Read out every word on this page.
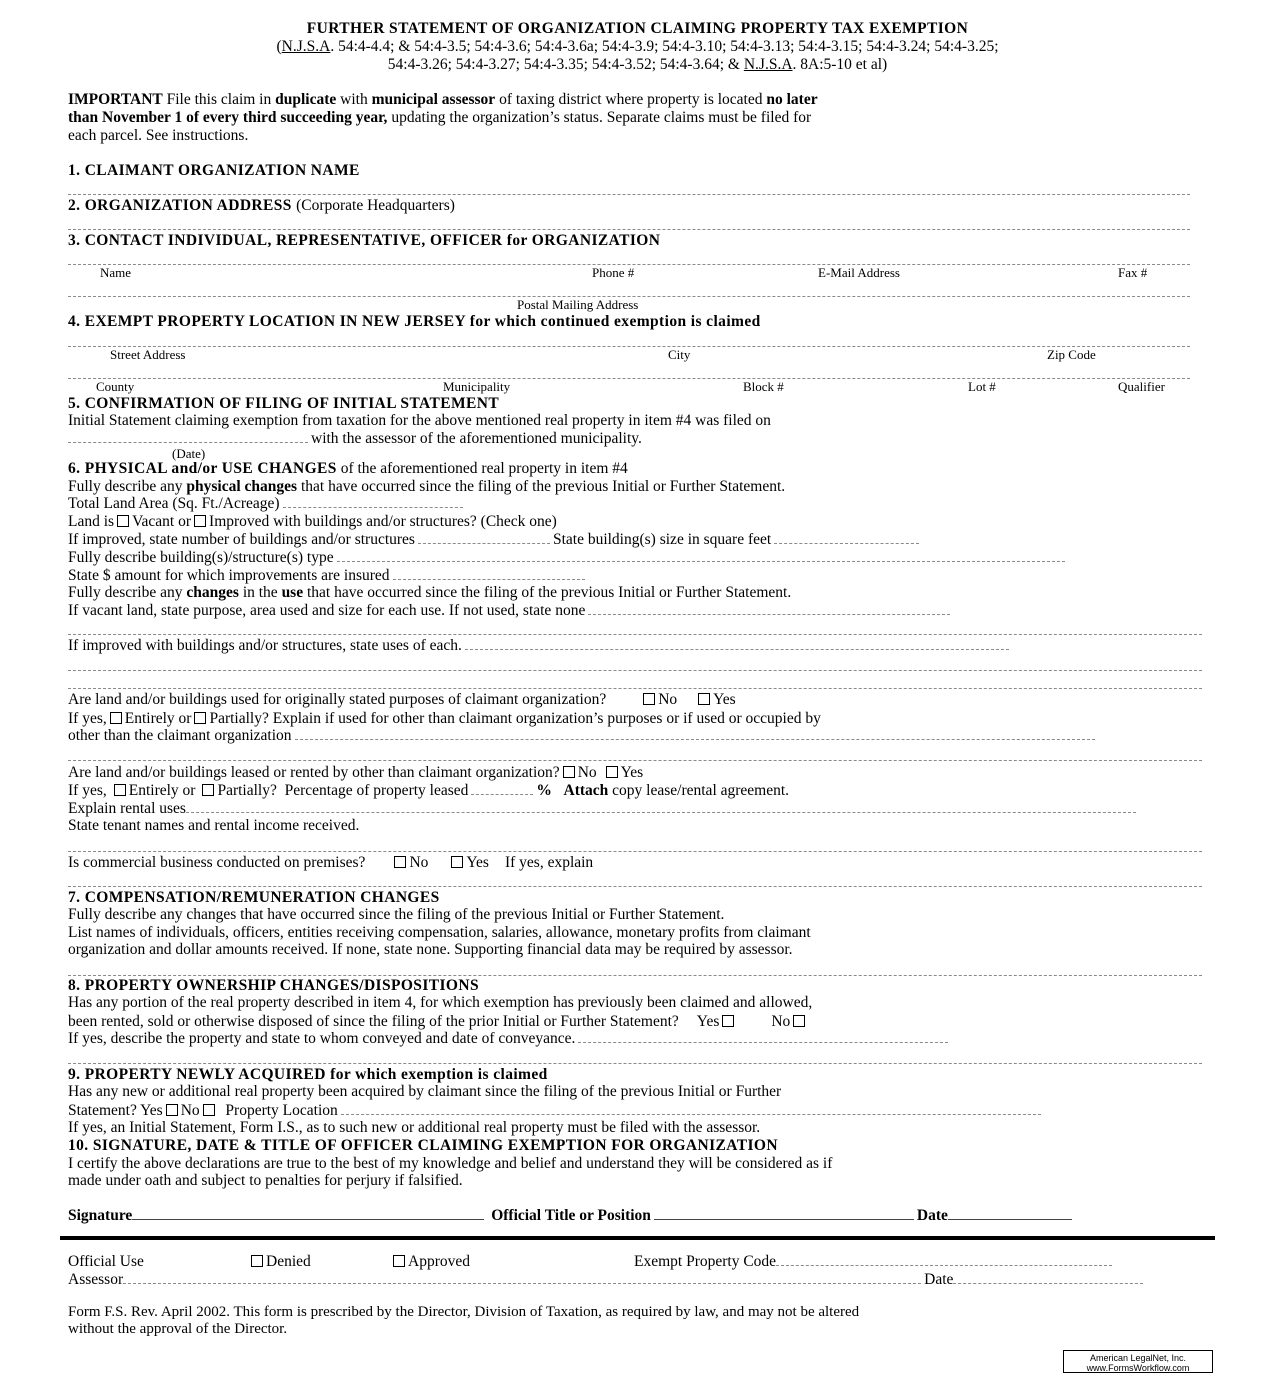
FURTHER STATEMENT OF ORGANIZATION CLAIMING PROPERTY TAX EXEMPTION
(N.J.S.A. 54:4-4.4; & 54:4-3.5; 54:4-3.6; 54:4-3.6a; 54:4-3.9; 54:4-3.10; 54:4-3.13; 54:4-3.15; 54:4-3.24; 54:4-3.25;
54:4-3.26; 54:4-3.27; 54:4-3.35; 54:4-3.52; 54:4-3.64; & N.J.S.A. 8A:5-10 et al)
IMPORTANT File this claim in duplicate with municipal assessor of taxing district where property is located no later
than November 1 of every third succeeding year, updating the organization’s status. Separate claims must be filed for
each parcel. See instructions.
1. CLAIMANT ORGANIZATION NAME
2. ORGANIZATION ADDRESS (Corporate Headquarters)
3. CONTACT INDIVIDUAL, REPRESENTATIVE, OFFICER for ORGANIZATION
Name	Phone #	E-Mail Address	Fax #
Postal Mailing Address
4. EXEMPT PROPERTY LOCATION IN NEW JERSEY for which continued exemption is claimed
Street Address	City	Zip Code
County	Municipality	Block #	Lot #	Qualifier
5. CONFIRMATION OF FILING OF INITIAL STATEMENT
Initial Statement claiming exemption from taxation for the above mentioned real property in item #4 was filed on
with the assessor of the aforementioned municipality.
(Date)
6. PHYSICAL and/or USE CHANGES of the aforementioned real property in item #4
Fully describe any physical changes that have occurred since the filing of the previous Initial or Further Statement.
Total Land Area (Sq. Ft./Acreage)
Land is Vacant or Improved with buildings and/or structures? (Check one)
If improved, state number of buildings and/or structures	State building(s) size in square feet
Fully describe building(s)/structure(s) type
State $ amount for which improvements are insured
Fully describe any changes in the use that have occurred since the filing of the previous Initial or Further Statement.
If vacant land, state purpose, area used and size for each use. If not used, state none
If improved with buildings and/or structures, state uses of each.
Are land and/or buildings used for originally stated purposes of claimant organization?	No Yes
If yes, Entirely or Partially? Explain if used for other than claimant organization’s purposes or if used or occupied by
other than the claimant organization
Are land and/or buildings leased or rented by other than claimant organization? No Yes
If yes, Entirely or Partially? Percentage of property leased	% Attach copy lease/rental agreement.
Explain rental uses
State tenant names and rental income received.
Is commercial business conducted on premises?	No Yes If yes, explain
7. COMPENSATION/REMUNERATION CHANGES
Fully describe any changes that have occurred since the filing of the previous Initial or Further Statement.
List names of individuals, officers, entities receiving compensation, salaries, allowance, monetary profits from claimant
organization and dollar amounts received. If none, state none. Supporting financial data may be required by assessor.
8. PROPERTY OWNERSHIP CHANGES/DISPOSITIONS
Has any portion of the real property described in item 4, for which exemption has previously been claimed and allowed,
been rented, sold or otherwise disposed of since the filing of the prior Initial or Further Statement? Yes	No
If yes, describe the property and state to whom conveyed and date of conveyance.
9. PROPERTY NEWLY ACQUIRED for which exemption is claimed
Has any new or additional real property been acquired by claimant since the filing of the previous Initial or Further
Statement? Yes No Property Location
If yes, an Initial Statement, Form I.S., as to such new or additional real property must be filed with the assessor.
10. SIGNATURE, DATE & TITLE OF OFFICER CLAIMING EXEMPTION FOR ORGANIZATION
I certify the above declarations are true to the best of my knowledge and belief and understand they will be considered as if
made under oath and subject to penalties for perjury if falsified.
Signature	Official Title or Position	Date
Official Use	Denied	Approved	Exempt Property Code
Assessor	Date
Form F.S. Rev. April 2002. This form is prescribed by the Director, Division of Taxation, as required by law, and may not be altered
without the approval of the Director.
American LegalNet, Inc.
www.FormsWorkflow.com
